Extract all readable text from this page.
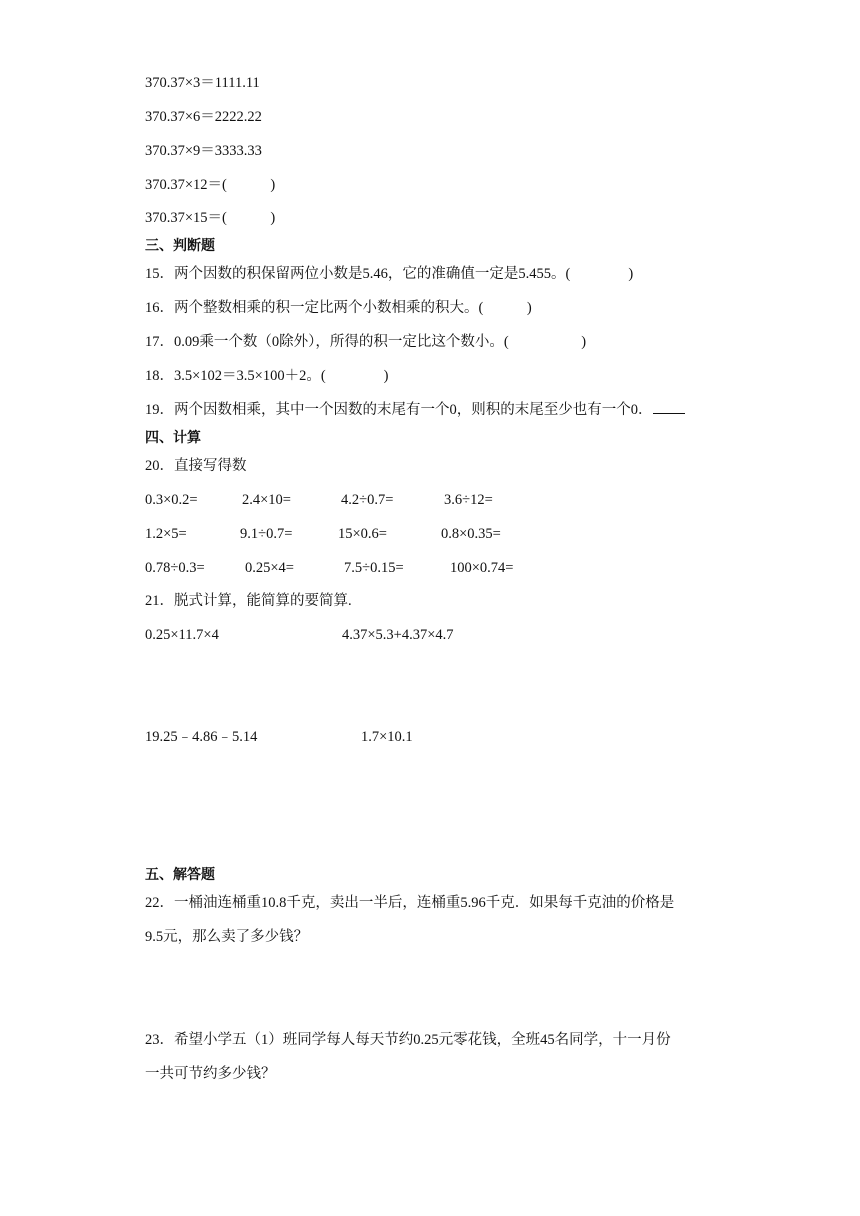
370.37×3＝1111.11
370.37×6＝2222.22
370.37×9＝3333.33
370.37×12＝(　　　)
370.37×15＝(　　　)
三、判断题
15．两个因数的积保留两位小数是5.46，它的准确值一定是5.455。(　　　　)
16．两个整数相乘的积一定比两个小数相乘的积大。(　　　)
17．0.09乘一个数（0除外），所得的积一定比这个数小。(　　　　　)
18．3.5×102＝3.5×100＋2。(　　　　)
19．两个因数相乘，其中一个因数的末尾有一个0，则积的末尾至少也有一个0．
四、计算
20．直接写得数
0.3×0.2=	2.4×10=	4.2÷0.7=	3.6÷12=
1.2×5=	9.1÷0.7=	15×0.6=	0.8×0.35=
0.78÷0.3=	0.25×4=	7.5÷0.15=	100×0.74=
21．脱式计算，能简算的要简算.
0.25×11.7×4	4.37×5.3+4.37×4.7
19.25﹣4.86﹣5.14	1.7×10.1
五、解答题
22．一桶油连桶重10.8千克，卖出一半后，连桶重5.96千克．如果每千克油的价格是
9.5元，那么卖了多少钱？
23．希望小学五（1）班同学每人每天节约0.25元零花钱，全班45名同学，十一月份
一共可节约多少钱？
